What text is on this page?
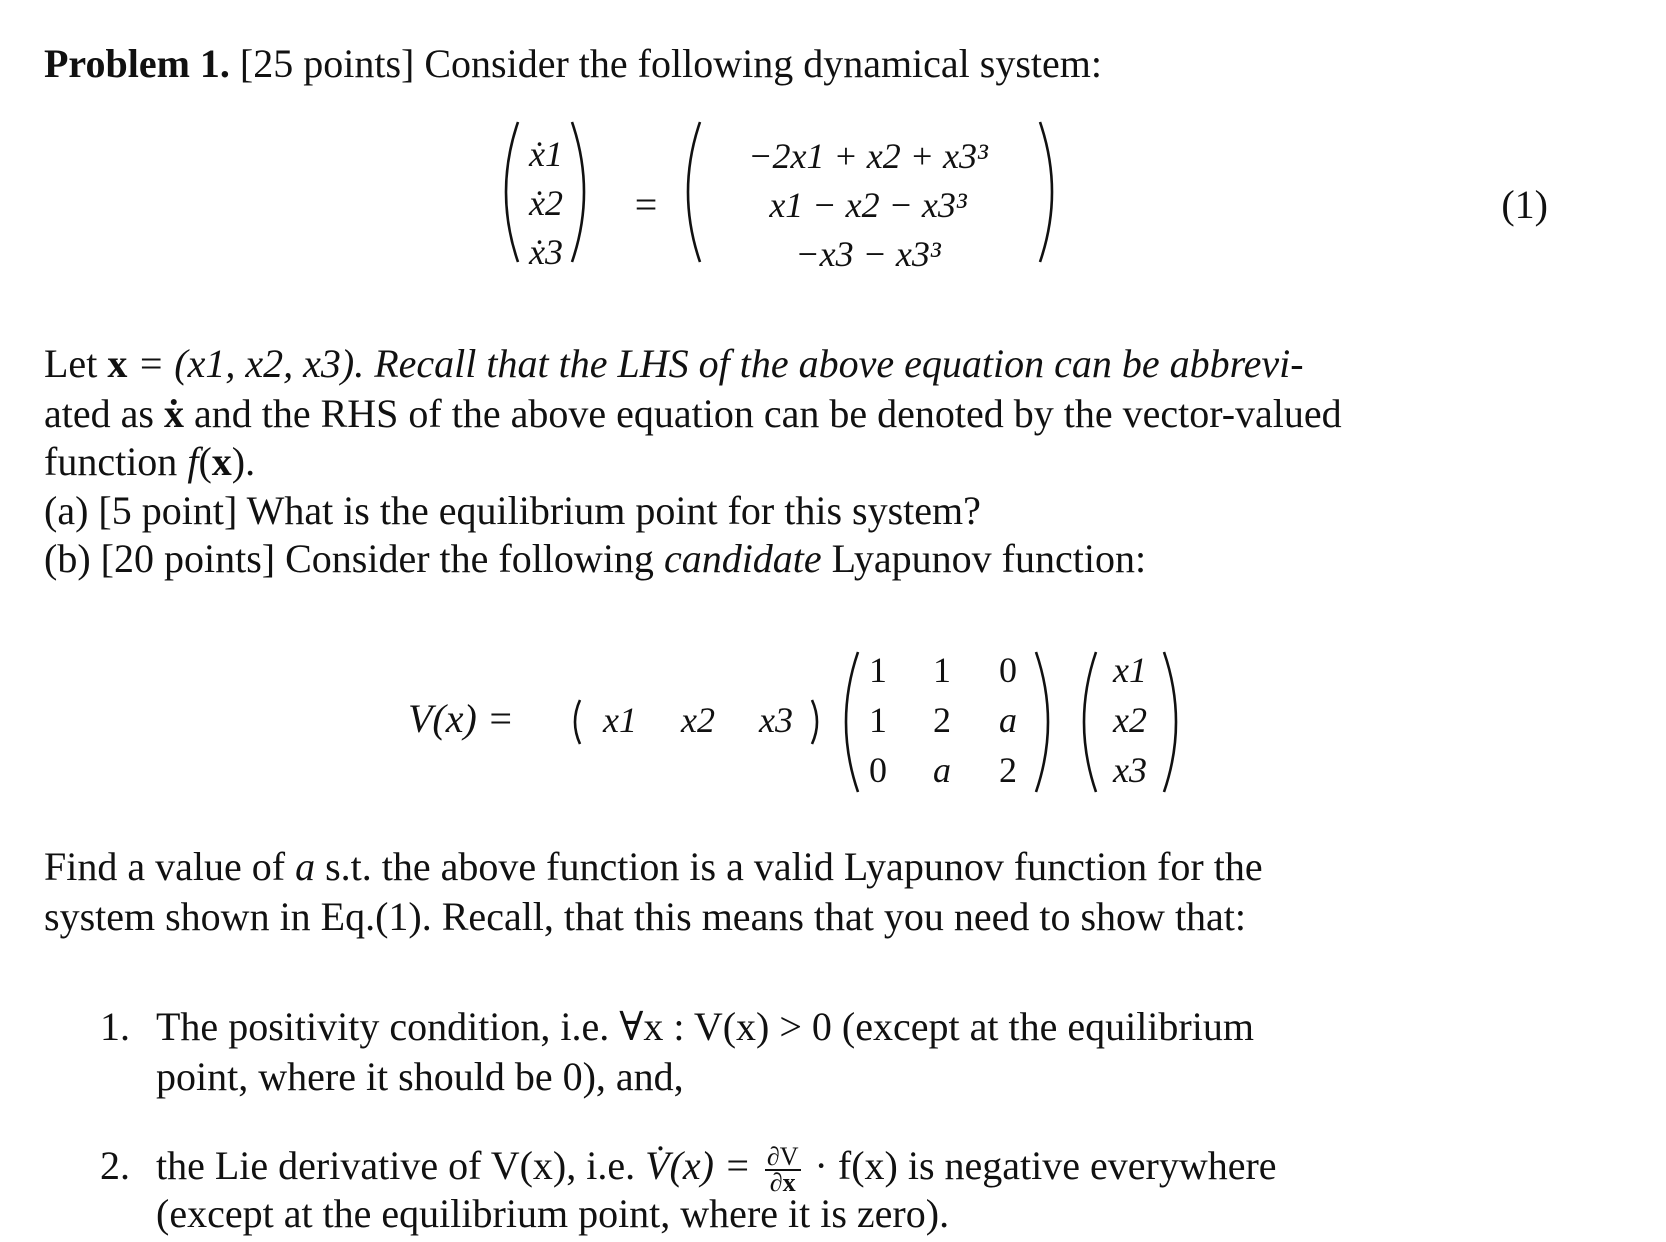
Problem 1. [25 points] Consider the following dynamical system:
ẋ1
ẋ2
ẋ3
=
−2x1 + x2 + x3³
x1 − x2 − x3³
−x3 − x3³
(1)
Let x = (x1, x2, x3). Recall that the LHS of the above equation can be abbrevi-
ated as ẋ and the RHS of the above equation can be denoted by the vector-valued
function f(x).
(a) [5 point] What is the equilibrium point for this system?
(b) [20 points] Consider the following candidate Lyapunov function:
V(x) = x1 x2 x3
1 1 0
1 2 a
0 a 2
x1
x2
x3
Find a value of a s.t. the above function is a valid Lyapunov function for the
system shown in Eq.(1). Recall, that this means that you need to show that:
1. The positivity condition, i.e. ∀x : V(x) > 0 (except at the equilibrium
point, where it should be 0), and,
2. the Lie derivative of V(x), i.e. V̇(x) = $\frac{\partial V}{\partial x} \cdot f(x)$ is negative everywhere
(except at the equilibrium point, where it is zero).
